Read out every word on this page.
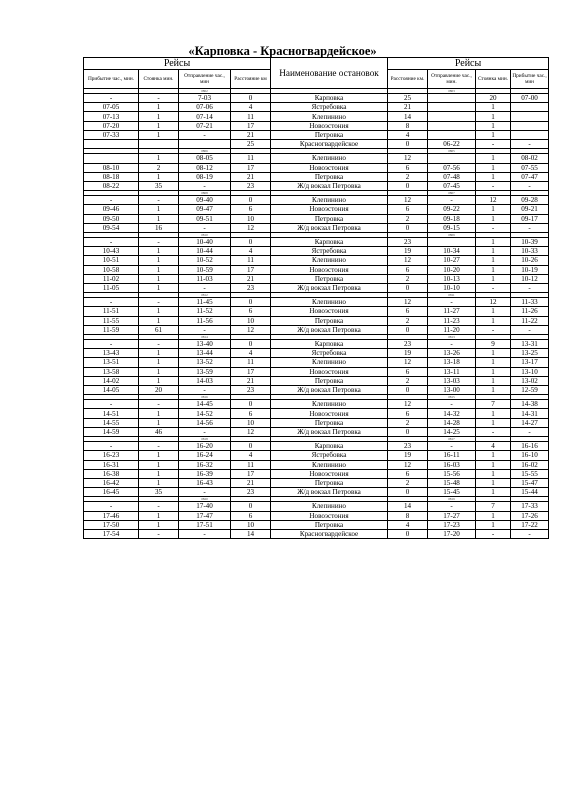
«Карповка - Красногвардейское»
Рейсы				Наименование остановок	Рейсы			
Прибытие час., мин.	Стоянка мин.	Отправление час., мин	Расстояние км		Расстояние км.	Отправление час., мин.	Стоянка мин.	Прибытие час., мин
		0802				0803		
-	-	7-03	0	Карповка	25		20	07-00
07-05	1	07-06	4	Ястребовка	21		1	
07-13	1	07-14	11	Клепинино	14		1	
07-20	1	07-21	17	Новоэстония	8		1	
07-33	1	-	21	Петровка	4		1	
			25	Красногвардейское	0	06-22	-	-
		0806				0805		
	1	08-05	11	Клепинино	12		1	08-02
08-10	2	08-12	17	Новоэстония	6	07-56	1	07-55
08-18	1	08-19	21	Петровка	2	07-48	1	07-47
08-22	35	-	23	Ж/д вокзал Петровка	0	07-45	-	-
		0808				0807		
-	-	09-40	0	Клепинино	12	-	12	09-28
09-46	1	09-47	6	Новоэстония	6	09-22	1	09-21
09-50	1	09-51	10	Петровка	2	09-18	1	09-17
09-54	16	-	12	Ж/д вокзал Петровка	0	09-15	-	-
		0810				0809		
-	-	10-40	0	Карповка	23		1	10-39
10-43	1	10-44	4	Ястребовка	19	10-34	1	10-33
10-51	1	10-52	11	Клепинино	12	10-27	1	10-26
10-58	1	10-59	17	Новоэстония	6	10-20	1	10-19
11-02	1	11-03	21	Петровка	2	10-13	1	10-12
11-05	1	-	23	Ж/д вокзал Петровка	0	10-10	-	-
		0812				0811		
-	-	11-45	0	Клепинино	12	-	12	11-33
11-51	1	11-52	6	Новоэстония	6	11-27	1	11-26
11-55	1	11-56	10	Петровка	2	11-23	1	11-22
11-59	61	-	12	Ж/д вокзал Петровка	0	11-20	-	-
		0814				0813		
-	-	13-40	0	Карповка	23	-	9	13-31
13-43	1	13-44	4	Ястребовка	19	13-26	1	13-25
13-51	1	13-52	11	Клепинино	12	13-18	1	13-17
13-58	1	13-59	17	Новоэстония	6	13-11	1	13-10
14-02	1	14-03	21	Петровка	2	13-03	1	13-02
14-05	20	-	23	Ж/д вокзал Петровка	0	13-00	1	12-59
		0816				0815		
-	-	14-45	0	Клепинино	12	-	7	14-38
14-51	1	14-52	6	Новоэстония	6	14-32	1	14-31
14-55	1	14-56	10	Петровка	2	14-28	1	14-27
14-59	46	-	12	Ж/д вокзал Петровка	0	14-25	-	-
		0818				0817		
-	-	16-20	0	Карповка	23	-	4	16-16
16-23	1	16-24	4	Ястребовка	19	16-11	1	16-10
16-31	1	16-32	11	Клепинино	12	16-03	1	16-02
16-38	1	16-39	17	Новоэстония	6	15-56	1	15-55
16-42	1	16-43	21	Петровка	2	15-48	1	15-47
16-45	35	-	23	Ж/д вокзал Петровка	0	15-45	1	15-44
		0820				0819		
-	-	17-40	0	Клепинино	14	-	7	17-33
17-46	1	17-47	6	Новоэстония	8	17-27	1	17-26
17-50	1	17-51	10	Петровка	4	17-23	1	17-22
17-54	-	-	14	Красногвардейское	0	17-20	-	-
